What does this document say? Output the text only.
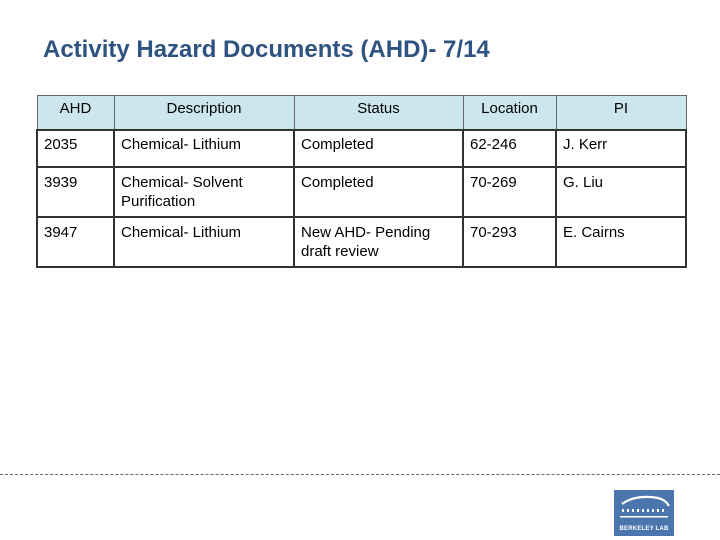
Activity Hazard Documents (AHD)- 7/14
AHD	Description	Status	Location	PI
2035	Chemical- Lithium	Completed	62-246	J. Kerr
3939	Chemical- Solvent Purification	Completed	70-269	G. Liu
3947	Chemical- Lithium	New AHD- Pending draft review	70-293	E. Cairns
BERKELEY LAB
